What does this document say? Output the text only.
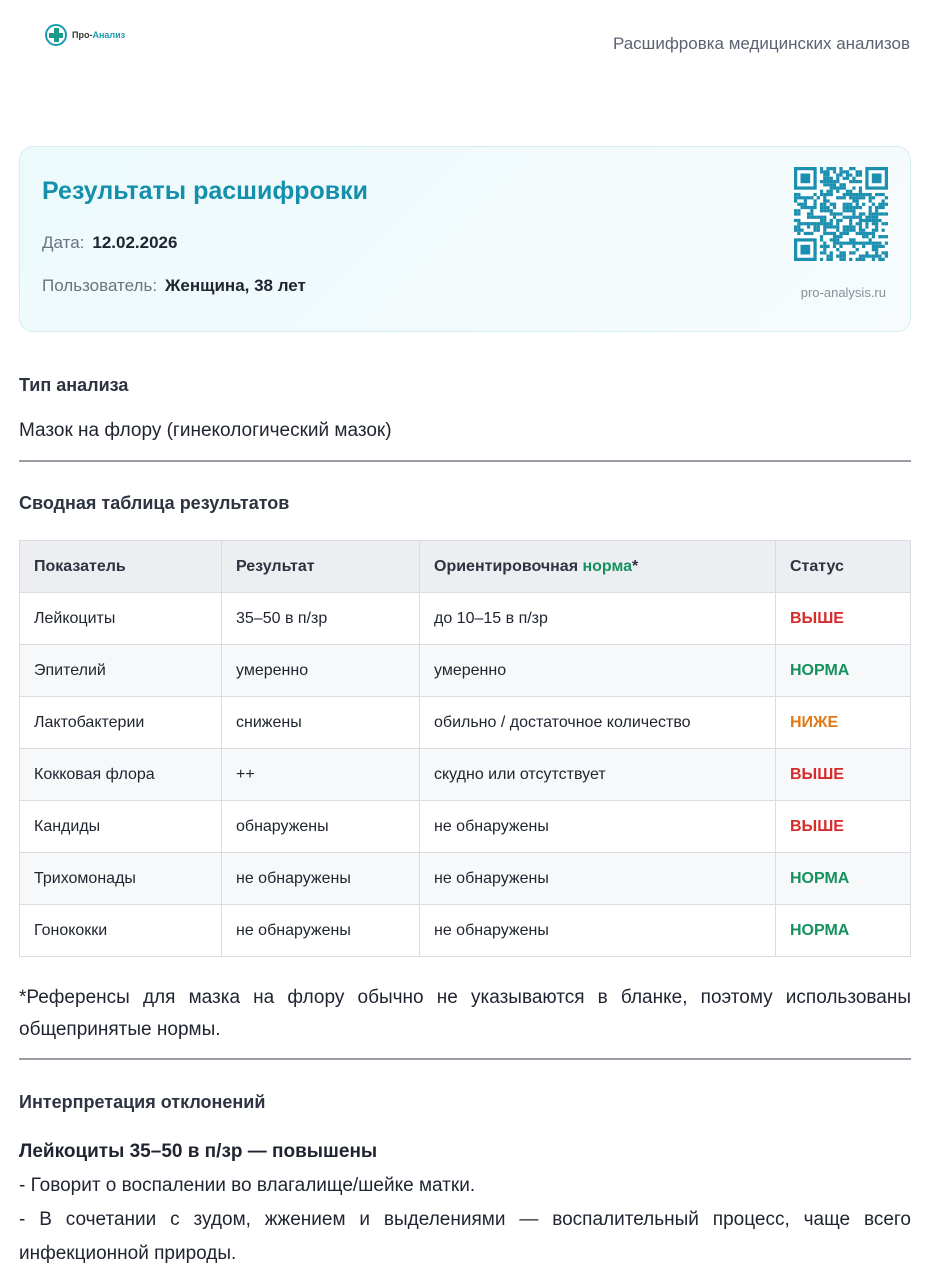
Про-Анализ	Расшифровка медицинских анализов
Результаты расшифровки
Дата: 12.02.2026
Пользователь: Женщина, 38 лет	pro-analysis.ru
Тип анализа
Мазок на флору (гинекологический мазок)
Сводная таблица результатов
Показатель	Результат	Ориентировочная норма*	Статус
Лейкоциты	35–50 в п/зр	до 10–15 в п/зр	ВЫШЕ
Эпителий	умеренно	умеренно	НОРМА
Лактобактерии	снижены	обильно / достаточное количество	НИЖЕ
Кокковая флора	++	скудно или отсутствует	ВЫШЕ
Кандиды	обнаружены	не обнаружены	ВЫШЕ
Трихомонады	не обнаружены	не обнаружены	НОРМА
Гонококки	не обнаружены	не обнаружены	НОРМА
*Референсы для мазка на флору обычно не указываются в бланке, поэтому использованы общепринятые нормы.
Интерпретация отклонений
Лейкоциты 35–50 в п/зр — повышены
- Говорит о воспалении во влагалище/шейке матки.
- В сочетании с зудом, жжением и выделениями — воспалительный процесс, чаще всего инфекционной природы.
